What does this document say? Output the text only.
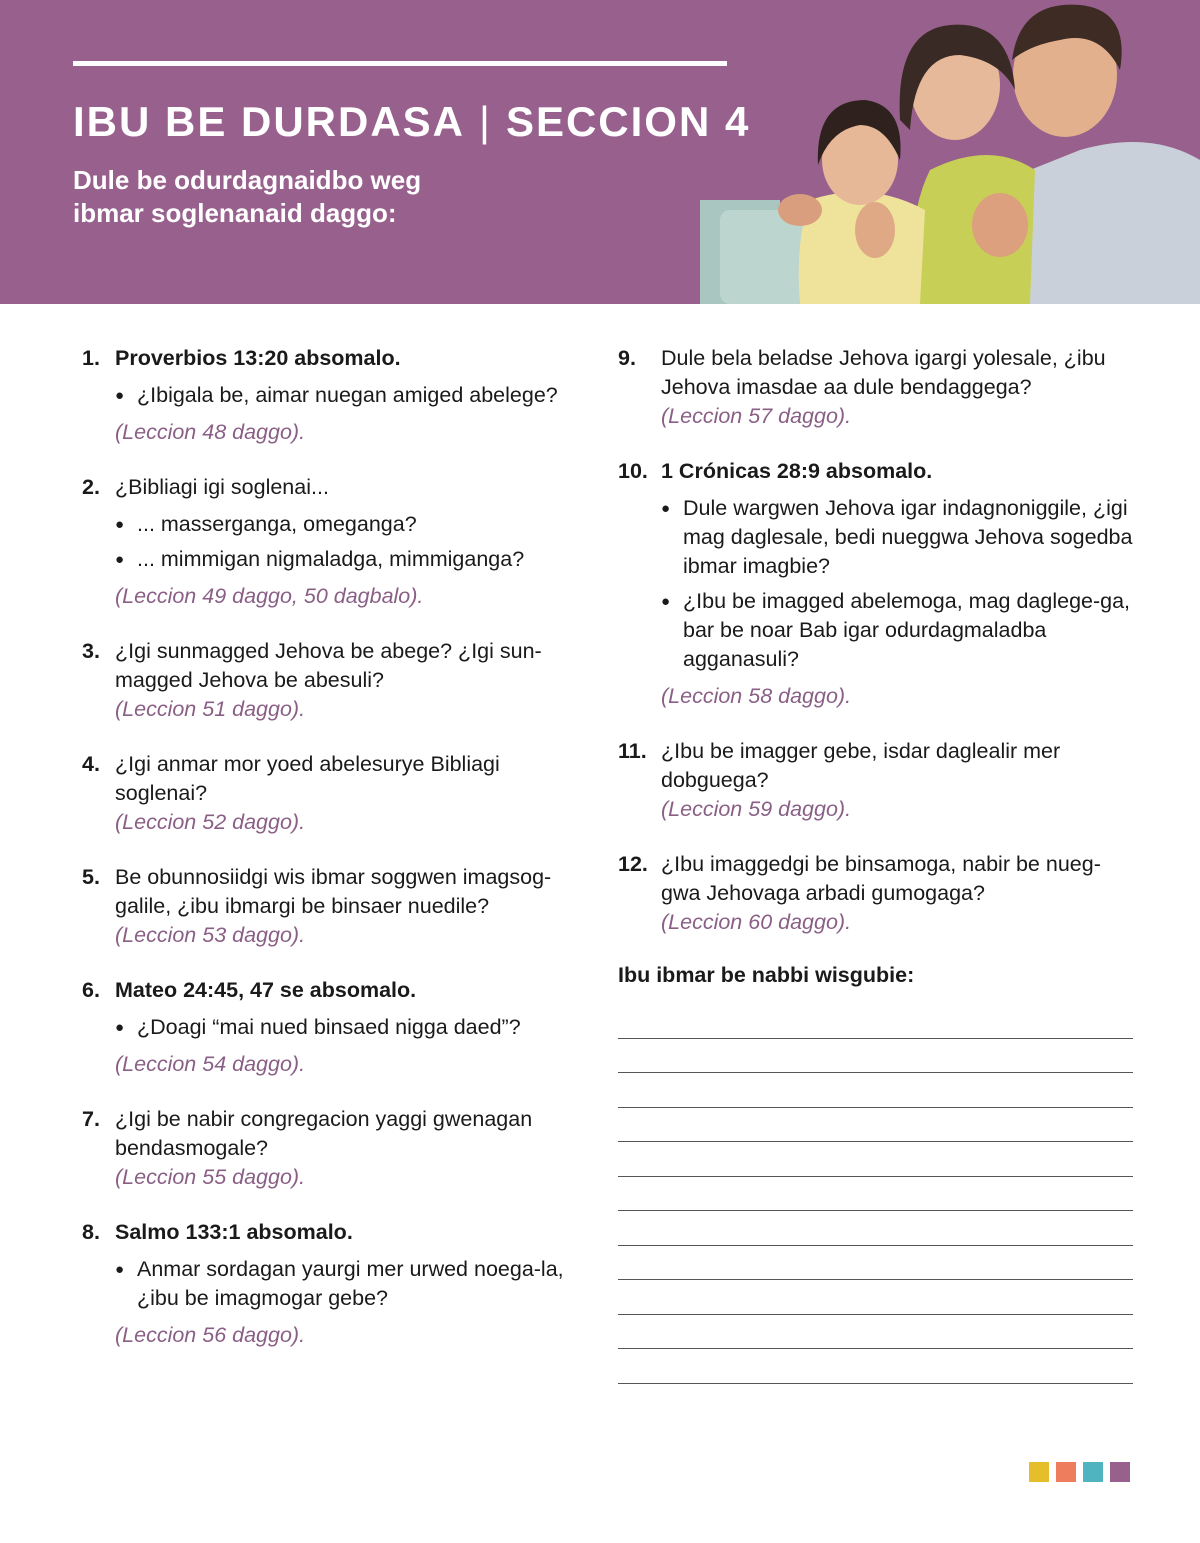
IBU BE DURDASA | SECCION 4
Dule be odurdagnaidbo weg
ibmar soglenanaid daggo:
1. Proverbios 13:20 absomalo.
● ¿Ibigala be, aimar nuegan amiged abelege?
(Leccion 48 daggo).
2. ¿Bibliagi igi soglenai...
● ... masserganga, omeganga?
● ... mimmigan nigmaladga, mimmiganga?
(Leccion 49 daggo, 50 dagbalo).
3. ¿Igi sunmagged Jehova be abege? ¿Igi sun-magged Jehova be abesuli?
(Leccion 51 daggo).
4. ¿Igi anmar mor yoed abelesurye Bibliagi soglenai?
(Leccion 52 daggo).
5. Be obunnosiidgi wis ibmar soggwen imagsog-galile, ¿ibu ibmargi be binsaer nuedile?
(Leccion 53 daggo).
6. Mateo 24:45, 47 se absomalo.
● ¿Doagi “mai nued binsaed nigga daed”?
(Leccion 54 daggo).
7. ¿Igi be nabir congregacion yaggi gwenagan bendasmogale?
(Leccion 55 daggo).
8. Salmo 133:1 absomalo.
● Anmar sordagan yaurgi mer urwed noega-la, ¿ibu be imagmogar gebe?
(Leccion 56 daggo).
9. Dule bela beladse Jehova igargi yolesale, ¿ibu Jehova imasdae aa dule bendaggega?
(Leccion 57 daggo).
10. 1 Crónicas 28:9 absomalo.
● Dule wargwen Jehova igar indagnoniggile, ¿igi mag daglesale, bedi nueggwa Jehova sogedba ibmar imagbie?
● ¿Ibu be imagged abelemoga, mag daglege-ga, bar be noar Bab igar odurdagmaladba agganasuli?
(Leccion 58 daggo).
11. ¿Ibu be imagger gebe, isdar daglealir mer dobguega?
(Leccion 59 daggo).
12. ¿Ibu imaggedgi be binsamoga, nabir be nueg-gwa Jehovaga arbadi gumogaga?
(Leccion 60 daggo).
Ibu ibmar be nabbi wisgubie:
